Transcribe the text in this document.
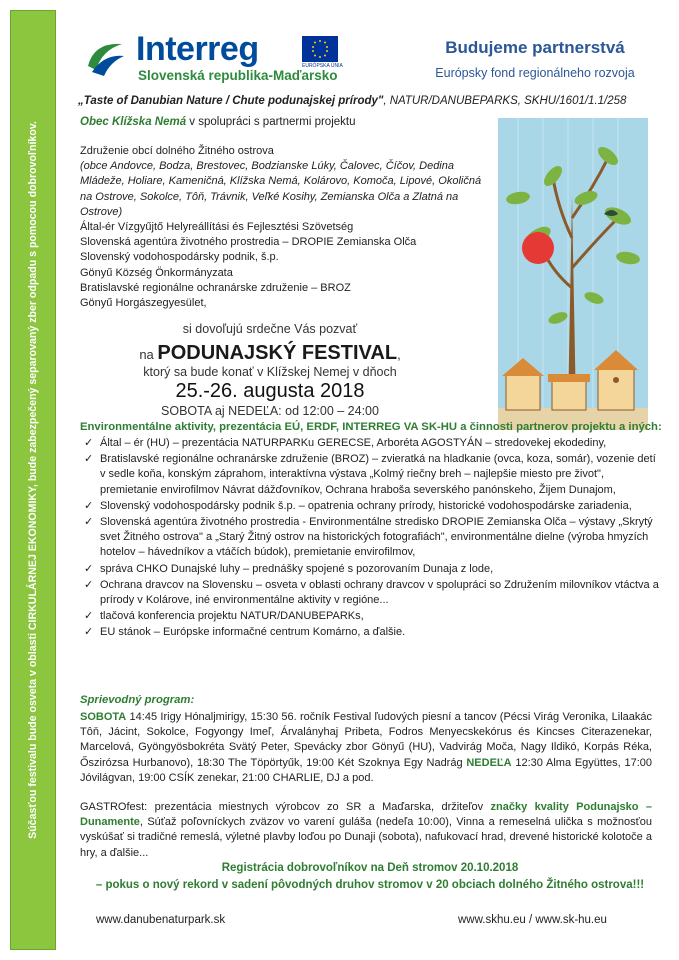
Súčasťou festivalu bude osveta v oblasti CIRKULÁRNEJ EKONOMIKY, bude zabezpečený separovaný zber odpadu s pomocou dobrovoľníkov.
Interreg	EURÓPSKA ÚNIA
Slovenská republika-Maďarsko
Budujeme partnerstvá
Európsky fond regionálneho rozvoja
„Taste of Danubian Nature / Chute podunajskej prírody", NATUR/DANUBEPARKS, SKHU/1601/1.1/258
Obec Klížska Nemá v spolupráci s partnermi projektu
Združenie obcí dolného Žitného ostrova
(obce Andovce, Bodza, Brestovec, Bodzianske Lúky, Čalovec, Číčov, Dedina Mládeže, Holiare, Kameničná, Klížska Nemá, Kolárovo, Komoča, Lipové, Okoličná na Ostrove, Sokolce, Tôň, Trávnik, Veľké Kosihy, Zemianska Olča a Zlatná na Ostrove)
Által-ér Vízgyűjtő Helyreállítási és Fejlesztési Szövetség
Slovenská agentúra životného prostredia – DROPIE Zemianska Olča
Slovenský vodohospodársky podnik, š.p.
Gönyű Község Önkormányzata
Bratislavské regionálne ochranárske združenie – BROZ
Gönyű Horgászegyesület,
si dovoľujú srdečne Vás pozvať
na PODUNAJSKÝ FESTIVAL,
ktorý sa bude konať v Klížskej Nemej v dňoch
25.-26. augusta 2018
SOBOTA aj NEDEĽA: od 12:00 – 24:00
Environmentálne aktivity, prezentácia EÚ, ERDF, INTERREG VA SK-HU a činnosti partnerov projektu a iných:
✓ Által – ér (HU) – prezentácia NATURPARKu GERECSE, Arboréta AGOSTYÁN – stredovekej ekodediny,
✓ Bratislavské regionálne ochranárske združenie (BROZ) – zvieratká na hladkanie (ovca, koza, somár), vozenie detí v sedle koňa, konským záprahom, interaktívna výstava „Kolmý riečny breh – najlepšie miesto pre život", premietanie envirofilmov Návrat dážďovníkov, Ochrana hraboša severského panónskeho, Žijem Dunajom,
✓ Slovenský vodohospodársky podnik š.p. – opatrenia ochrany prírody, historické vodohospodárske zariadenia,
✓ Slovenská agentúra životného prostredia - Environmentálne stredisko DROPIE Zemianska Olča – výstavy „Skrytý svet Žitného ostrova" a „Starý Žitný ostrov na historických fotografiách", environmentálne dielne (výroba hmyzích hotelov – hávedníkov a vtáčích búdok), premietanie envirofilmov,
✓ správa CHKO Dunajské luhy – prednášky spojené s pozorovaním Dunaja z lode,
✓ Ochrana dravcov na Slovensku – osveta v oblasti ochrany dravcov v spolupráci so Združením milovníkov vtáctva a prírody v Kolárove, iné environmentálne aktivity v regióne...
✓ tlačová konferencia projektu NATUR/DANUBEPARKs,
✓ EU stánok – Európske informačné centrum Komárno, a ďalšie.
Sprievodný program:
SOBOTA 14:45 Irigy Hónaljmirigy, 15:30 56. ročník Festival ľudových piesní a tancov (Pécsi Virág Veronika, Lilaakác Tôň, Jácint, Sokolce, Fogyongy Imeľ, Árvalányhaj Pribeta, Fodros Menyecskekórus és Kincses Citerazenekar, Marcelová, Gyöngyösbokréta Svätý Peter, Spevácky zbor Gönyű (HU), Vadvirág Moča, Nagy Ildikó, Korpás Réka, Őszirózsa Hurbanovo), 18:30 The Töpörtyűk, 19:00 Két Szoknya Egy Nadrág NEDEĽA 12:30 Alma Együttes, 17:00 Jóvilágvan, 19:00 CSÍK zenekar, 21:00 CHARLIE, DJ a pod.
GASTROfest: prezentácia miestnych výrobcov zo SR a Maďarska, držiteľov značky kvality Podunajsko – Dunamente, Súťaž poľovníckych zväzov vo varení guláša (nedeľa 10:00), Vinna a remeselná ulička s možnosťou vyskúšať si tradičné remeslá, výletné plavby loďou po Dunaji (sobota), nafukovací hrad, drevené historické kolotoče a hry, a ďalšie...
Registrácia dobrovoľníkov na Deň stromov 20.10.2018
– pokus o nový rekord v sadení pôvodných druhov stromov v 20 obciach dolného Žitného ostrova!!!
www.danubenaturpark.sk	www.skhu.eu / www.sk-hu.eu
